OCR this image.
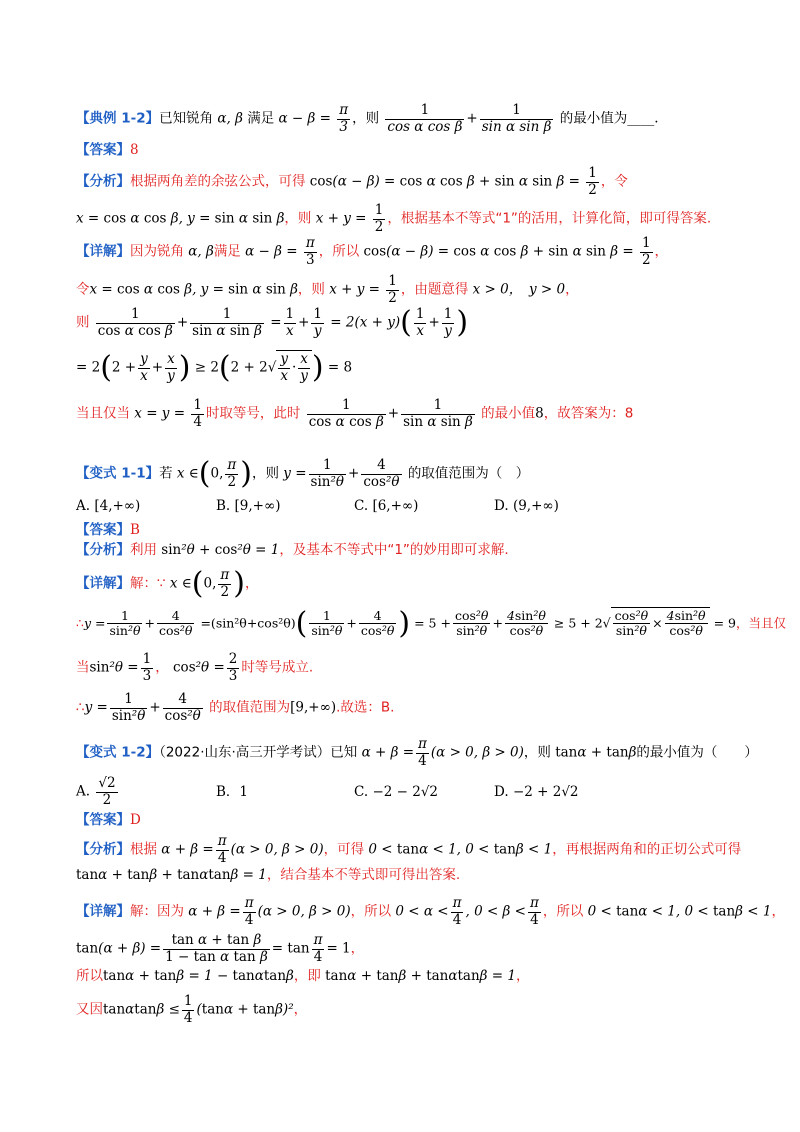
【典例 1-2】已知锐角 α, β 满足 $\alpha - \beta = \frac{\pi}{3}$ ，则 $\frac{1}{\text{cos α cos β}} + \frac{1}{\text{sin α sin β}}$ 的最小值为____.
【答案】8
【分析】根据两角差的余弦公式，可得 cos(α − β) = cos α cos β + sin α $\sin \beta = \frac{1}{2}$ ，令
x = cos α cos β, y = sin α sin β，则 $x + y = \frac{1}{2}$ ，根据基本不等式“1”的活用，计算化简，即可得答案.
【详解】因为锐角 α, β满足 $\alpha - \beta = \frac{\pi}{3}$ ，所以 cos(α − β) = cos α cos β + sin α $\sin \beta = \frac{1}{2}$ ，
令x = cos α cos β, y = sin α sin β，则 $x + y = \frac{1}{2}$ ，由题意得 x > 0，　y > 0，
则 $\frac{1}{\text{cos α cos β}} + \frac{1}{\text{sin α sin β}} = \frac{1}{x} + \frac{1}{y} = 2(x + y)( \frac{1}{x} + \frac{1}{y}$ )
= $2(2 + \frac{y}{x} + \frac{x}{y}$ ) ≥ $2(2 + 2√ \frac{y}{x} \cdot \frac{x}{y}$ ) = 8
当且仅当 $x = y = \frac{1}{4}$ 时取等号，此时 $\frac{1}{\text{cos α cos β}} + \frac{1}{\text{sin α sin β}}$ 的最小值8，故答案为：8
【变式 1-1】若 x ∈(0, $\frac{\pi}{2}$ )，则 $y = \frac{1}{\text{sin²θ}} + \frac{4}{\text{cos²θ}}$ 的取值范围为（　）
A. [4,+∞)	B. [9,+∞)	C. [6,+∞)	D. (9,+∞)
【答案】B
【分析】利用 sin²θ + cos²θ = 1，及基本不等式中“1”的妙用即可求解.
【详解】解：∵ x ∈(0, $\frac{\pi}{2}$ )，
∴y = $\frac{1}{\text{sin²θ}} + \frac{4}{\text{cos²θ}} =(\sin^2\theta+\cos^2\theta)( \frac{1}{\text{sin²θ}} + \frac{4}{\text{cos²θ}}$ ) = $5 + \frac{\text{cos²θ}}{\text{sin²θ}} + \frac{\text{4sin²θ}}{\text{cos²θ}} \ge 5 + 2√ \frac{\text{cos²θ}}{\text{sin²θ}} \times \frac{\text{4sin²θ}}{\text{cos²θ}} = 9$，当且仅
当$\sin^2\theta = \frac{1}{3}$ ， $\cos^2\theta = \frac{2}{3}$ 时等号成立.
∴y = $\frac{1}{\text{sin²θ}} + \frac{4}{\text{cos²θ}}$ 的取值范围为[9,+∞).故选：B.
【变式 1-2】（2022·山东·高三开学考试）已知 $\alpha + \beta = \frac{\pi}{4} (\alpha > 0$, β > 0)，则 tanα + tanβ的最小值为（　　）
A. $\frac{√2}{2}$	B．1	C. −2 − 2√2	D. −2 + 2√2
【答案】D
【分析】根据 $\alpha + \beta = \frac{\pi}{4} (\alpha > 0$, β > 0)，可得 0 < tanα < 1, 0 < tanβ < 1，再根据两角和的正切公式可得
tanα + tanβ + tanαtanβ = 1，结合基本不等式即可得出答案.
【详解】解：因为 $\alpha + \beta = \frac{\pi}{4} (\alpha > 0$, β > 0)，所以 $0 < \alpha < \frac{\pi}{4}$ , $0 < \beta < \frac{\pi}{4}$ ，所以 0 < tanα < 1, 0 < tanβ < 1，
$\tan(\alpha + \beta) = \frac{\text{tan α + tan β}}{\text{1 − tan α tan β}} = \tan \frac{\pi}{4} = 1$，
所以tanα + tanβ = 1 − tanαtanβ，即 tanα + tanβ + tanαtanβ = 1，
又因$\tan\alpha\tan\beta \le \frac{1}{4} (\tan\alpha + \tan\beta)^2$，
